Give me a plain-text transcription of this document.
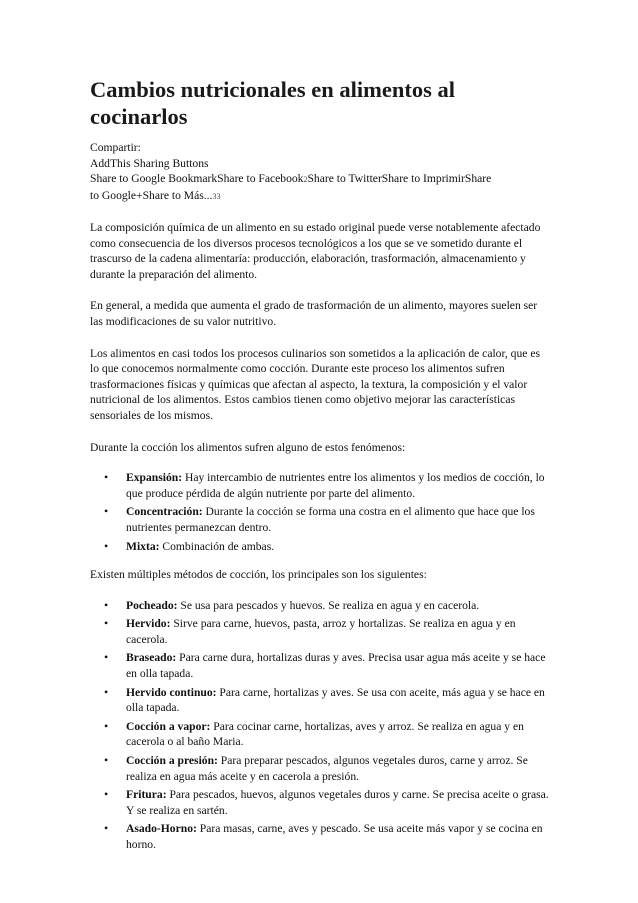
Cambios nutricionales en alimentos al cocinarlos
Compartir:
AddThis Sharing Buttons
Share to Google BookmarkShare to Facebook2Share to TwitterShare to ImprimirShare
to Google+Share to Más...33

La composición química de un alimento en su estado original puede verse notablemente afectado como consecuencia de los diversos procesos tecnológicos a los que se ve sometido durante el trascurso de la cadena alimentaría: producción, elaboración, trasformación, almacenamiento y durante la preparación del alimento.

En general, a medida que aumenta el grado de trasformación de un alimento, mayores suelen ser las modificaciones de su valor nutritivo.

Los alimentos en casi todos los procesos culinarios son sometidos a la aplicación de calor, que es lo que conocemos normalmente como cocción. Durante este proceso los alimentos sufren trasformaciones físicas y químicas que afectan al aspecto, la textura, la composición y el valor nutricional de los alimentos. Estos cambios tienen como objetivo mejorar las características sensoriales de los mismos.

Durante la cocción los alimentos sufren alguno de estos fenómenos:

• Expansión: Hay intercambio de nutrientes entre los alimentos y los medios de cocción, lo que produce pérdida de algún nutriente por parte del alimento.
• Concentración: Durante la cocción se forma una costra en el alimento que hace que los nutrientes permanezcan dentro.
• Mixta: Combinación de ambas.

Existen múltiples métodos de cocción, los principales son los siguientes:

• Pocheado: Se usa para pescados y huevos. Se realiza en agua y en cacerola.
• Hervido: Sirve para carne, huevos, pasta, arroz y hortalizas. Se realiza en agua y en cacerola.
• Braseado: Para carne dura, hortalizas duras y aves. Precisa usar agua más aceite y se hace en olla tapada.
• Hervido continuo: Para carne, hortalizas y aves. Se usa con aceite, más agua y se hace en olla tapada.
• Cocción a vapor: Para cocinar carne, hortalizas, aves y arroz. Se realiza en agua y en cacerola o al baño Maria.
• Cocción a presión: Para preparar pescados, algunos vegetales duros, carne y arroz. Se realiza en agua más aceite y en cacerola a presión.
• Fritura: Para pescados, huevos, algunos vegetales duros y carne. Se precisa aceite o grasa. Y se realiza en sartén.
• Asado-Horno: Para masas, carne, aves y pescado. Se usa aceite más vapor y se cocina en horno.
